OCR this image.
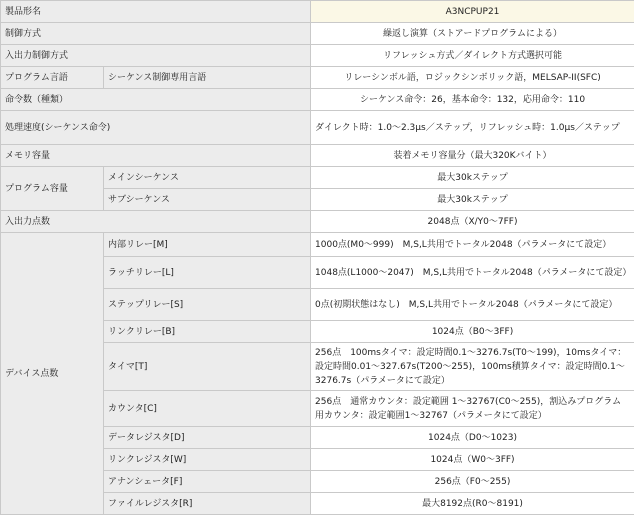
製品形名		A3NCPUP21
制御方式		繰返し演算（ストアードプログラムによる）
入出力制御方式		リフレッシュ方式／ダイレクト方式選択可能
プログラム言語	シーケンス制御専用言語	リレーシンボル語，ロジックシンボリック語，MELSAP-II(SFC)
命令数（種類）		シーケンス命令：26，基本命令：132，応用命令：110
処理速度(シーケンス命令)		ダイレクト時：1.0～2.3μs／ステップ，リフレッシュ時：1.0μs／ステップ
メモリ容量		装着メモリ容量分（最大320Kバイト）
プログラム容量	メインシーケンス	最大30kステップ
	サブシーケンス	最大30kステップ
入出力点数		2048点（X/Y0～7FF)
デバイス点数	内部リレー[M]	1000点(M0～999)　M,S,L共用でトータル2048（パラメータにて設定）
	ラッチリレー[L]	1048点(L1000～2047)　M,S,L共用でトータル2048（パラメータにて設定）
	ステップリレー[S]	0点(初期状態はなし)　M,S,L共用でトータル2048（パラメータにて設定）
	リンクリレー[B]	1024点（B0～3FF)
	タイマ[T]	256点　100msタイマ：設定時間0.1～3276.7s(T0～199)，10msタイマ：設定時間0.01～327.67s(T200～255)，100ms積算タイマ：設定時間0.1～3276.7s（パラメータにて設定）
	カウンタ[C]	256点　通常カウンタ：設定範囲 1～32767(C0～255)，割込みプログラム用カウンタ：設定範囲1～32767（パラメータにて設定）
	データレジスタ[D]	1024点（D0～1023)
	リンクレジスタ[W]	1024点（W0～3FF)
	アナンシェータ[F]	256点（F0～255)
	ファイルレジスタ[R]	最大8192点(R0～8191)
